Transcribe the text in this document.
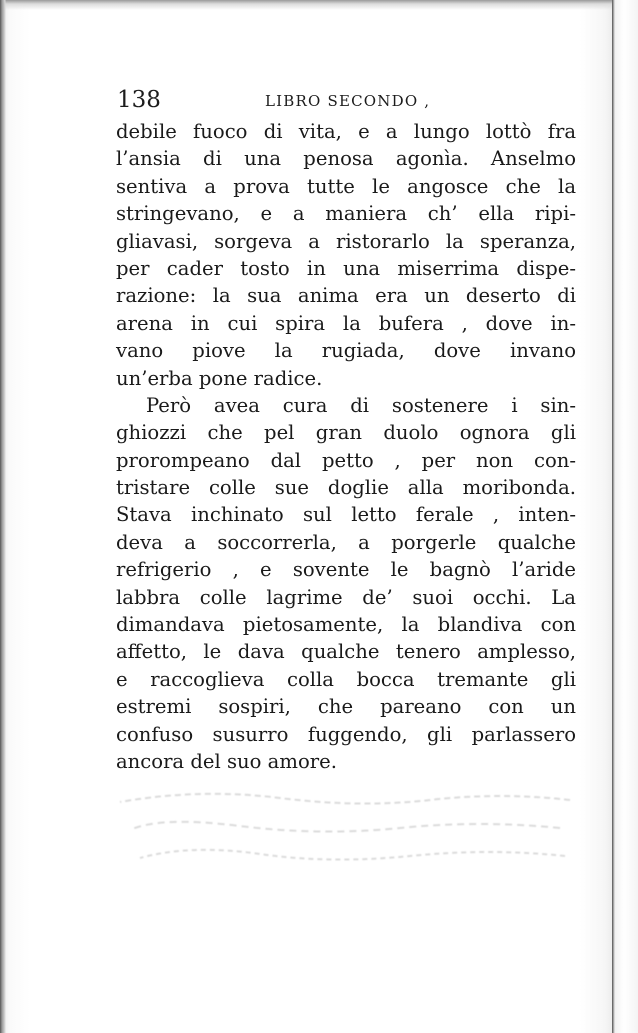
138	LIBRO SECONDO ,
debile fuoco di vita, e a lungo lottò fra
l’ansia di una penosa agonìa. Anselmo
sentiva a prova tutte le angosce che la
stringevano, e a maniera ch’ ella ripi-
gliavasi, sorgeva a ristorarlo la speranza,
per cader tosto in una miserrima dispe-
razione: la sua anima era un deserto di
arena in cui spira la bufera , dove in-
vano piove la rugiada, dove invano
un’erba pone radice.
Però avea cura di sostenere i sin-
ghiozzi che pel gran duolo ognora gli
prorompeano dal petto , per non con-
tristare colle sue doglie alla moribonda.
Stava inchinato sul letto ferale , inten-
deva a soccorrerla, a porgerle qualche
refrigerio , e sovente le bagnò l’aride
labbra colle lagrime de’ suoi occhi. La
dimandava pietosamente, la blandiva con
affetto, le dava qualche tenero amplesso,
e raccoglieva colla bocca tremante gli
estremi sospiri, che pareano con un
confuso susurro fuggendo, gli parlassero
ancora del suo amore.
